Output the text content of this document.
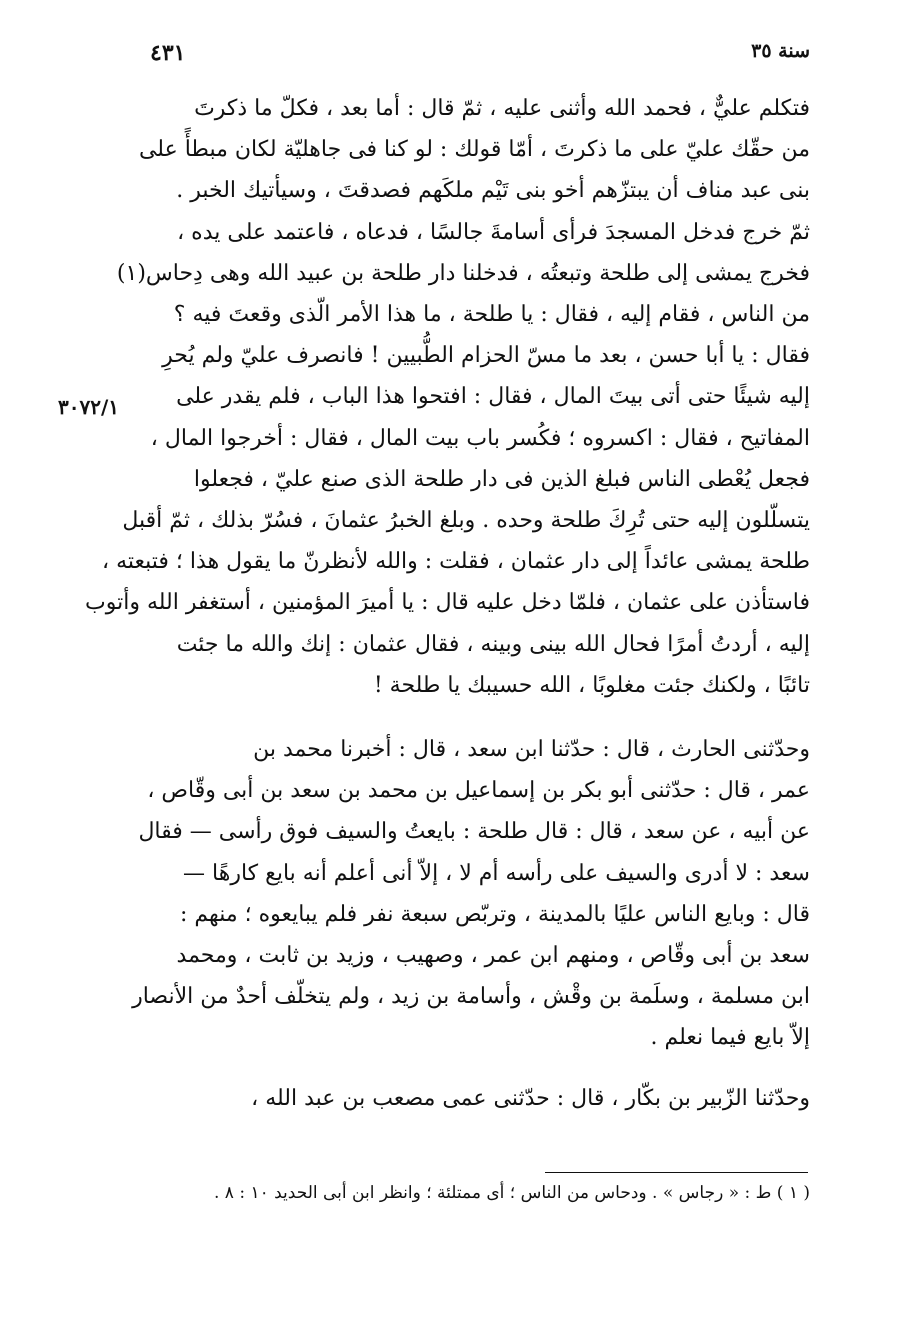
٤٣١	سنة ٣٥
٣٠٧٢/١

فتكلم عليٌّ ، فحمد الله وأثنى عليه ، ثمّ قال : أما بعد ، فكلّ ما ذكرتَ
من حقّك عليّ على ما ذكرتَ ، أمّا قولك : لو كنا فى جاهليّة لكان مبطأً على
بنى عبد مناف أن يبتزّهم أخو بنى تَيْم ملكَهم فصدقتَ ، وسيأتيك الخبر .
ثمّ خرج فدخل المسجدَ فرأى أسامةَ جالسًا ، فدعاه ، فاعتمد على يده ،
فخرج يمشى إلى طلحة وتبعتُه ، فدخلنا دار طلحة بن عبيد الله وهى دِحاس(١)
من الناس ، فقام إليه ، فقال : يا طلحة ، ما هذا الأمر الّذى وقعتَ فيه ؟
فقال : يا أبا حسن ، بعد ما مسّ الحزام الطُّبيين ! فانصرف عليّ ولم يُحرِ
إليه شيئًا حتى أتى بيتَ المال ، فقال : افتحوا هذا الباب ، فلم يقدر على
المفاتيح ، فقال : اكسروه ؛ فكُسر باب بيت المال ، فقال : أخرجوا المال ،
فجعل يُعْطى الناس فبلغ الذين فى دار طلحة الذى صنع عليّ ، فجعلوا
يتسلّلون إليه حتى تُرِكَ طلحة وحده . وبلغ الخبرُ عثمانَ ، فسُرّ بذلك ، ثمّ أقبل
طلحة يمشى عائداً إلى دار عثمان ، فقلت : والله لأنظرنّ ما يقول هذا ؛ فتبعته ،
فاستأذن على عثمان ، فلمّا دخل عليه قال : يا أميرَ المؤمنين ، أستغفر الله وأتوب
إليه ، أردتُ أمرًا فحال الله بينى وبينه ، فقال عثمان : إنك والله ما جئت
تائبًا ، ولكنك جئت مغلوبًا ، الله حسيبك يا طلحة !

وحدّثنى الحارث ، قال : حدّثنا ابن سعد ، قال : أخبرنا محمد بن
عمر ، قال : حدّثنى أبو بكر بن إسماعيل بن محمد بن سعد بن أبى وقّاص ،
عن أبيه ، عن سعد ، قال : قال طلحة : بايعتُ والسيف فوق رأسى — فقال
سعد : لا أدرى والسيف على رأسه أم لا ، إلاّ أنى أعلم أنه بايع كارهًا —
قال : وبايع الناس عليًا بالمدينة ، وتربّص سبعة نفر فلم يبايعوه ؛ منهم :
سعد بن أبى وقّاص ، ومنهم ابن عمر ، وصهيب ، وزيد بن ثابت ، ومحمد
ابن مسلمة ، وسلَمة بن وقْش ، وأسامة بن زيد ، ولم يتخلّف أحدٌ من الأنصار
إلاّ بايع فيما نعلم .

وحدّثنا الزّبير بن بكّار ، قال : حدّثنى عمى مصعب بن عبد الله ،

( ١ ) ط : « رجاس » . ودحاس من الناس ؛ أى ممتلئة ؛ وانظر ابن أبى الحديد ١٠ : ٨ .
